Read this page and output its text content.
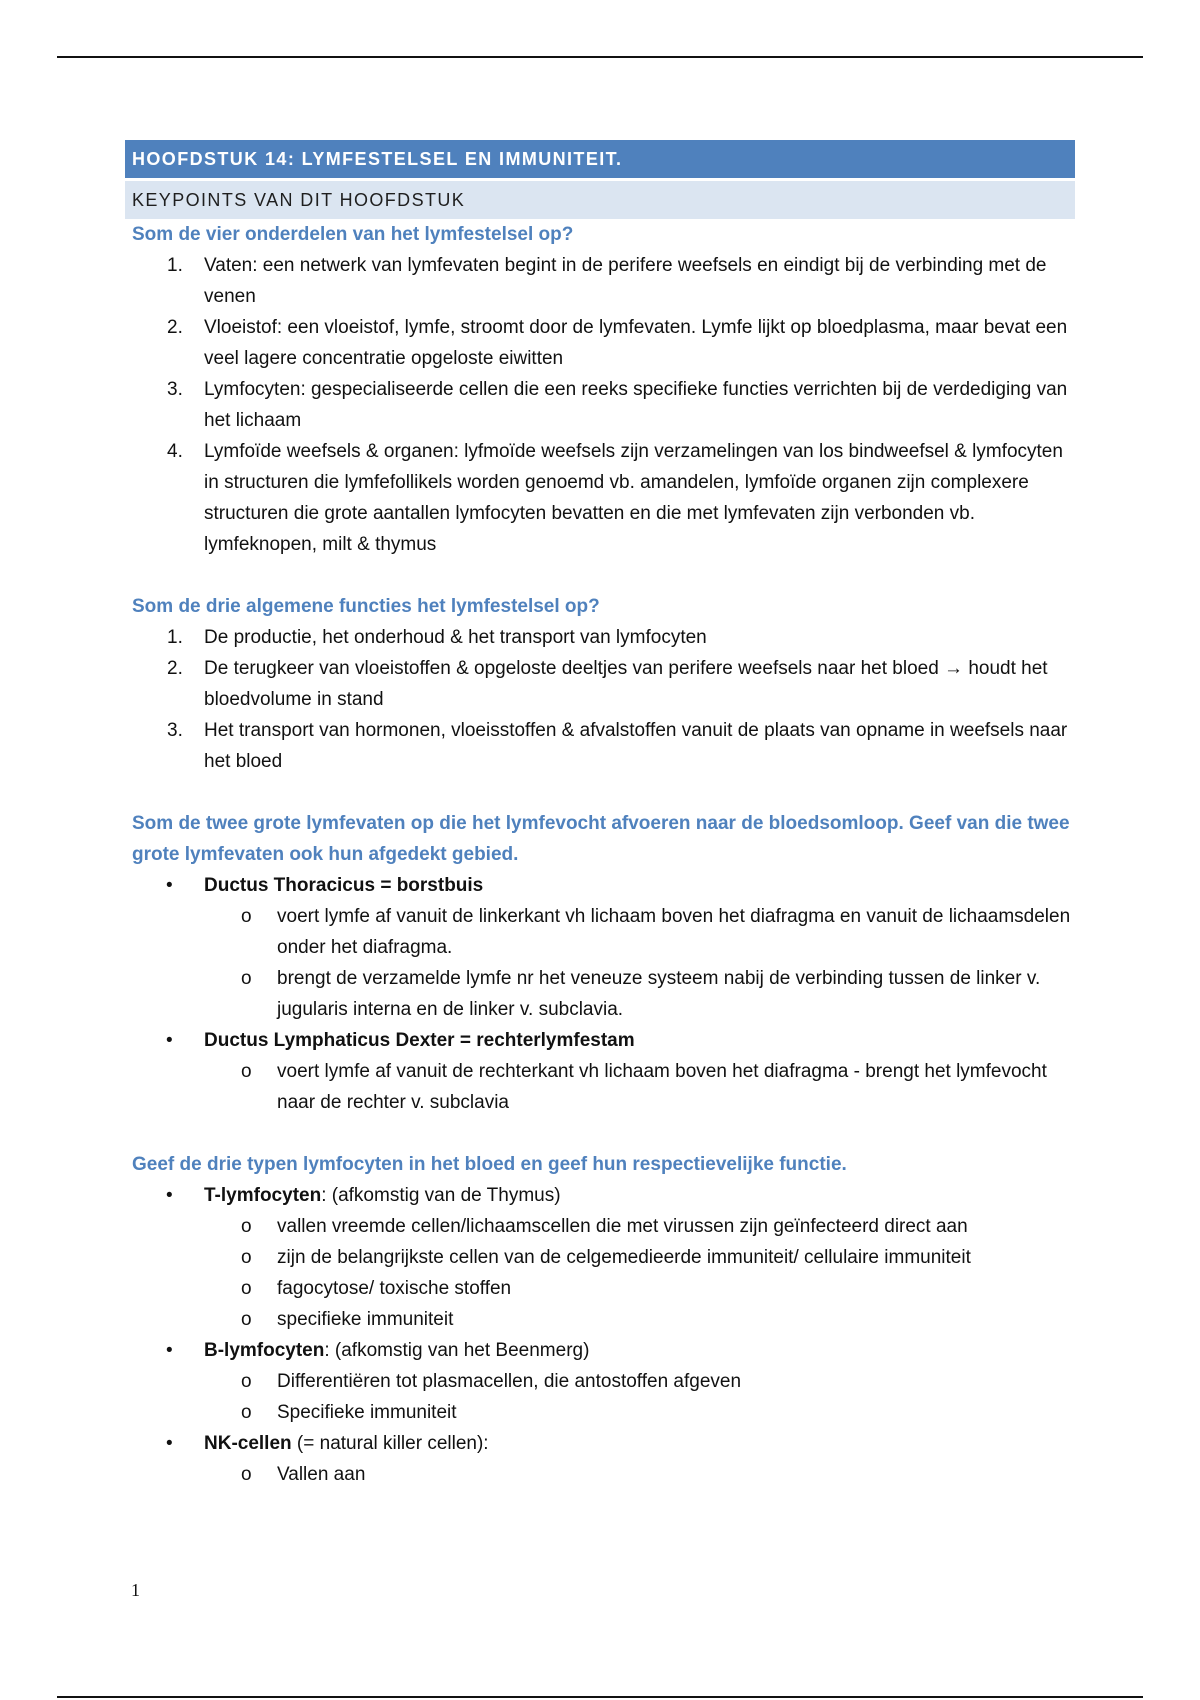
HOOFDSTUK 14: LYMFESTELSEL EN IMMUNITEIT.
KEYPOINTS VAN DIT HOOFDSTUK

Som de vier onderdelen van het lymfestelsel op?

1.	Vaten: een netwerk van lymfevaten begint in de perifere weefsels en eindigt bij de verbinding met de venen
2.	Vloeistof: een vloeistof, lymfe, stroomt door de lymfevaten. Lymfe lijkt op bloedplasma, maar bevat een veel lagere concentratie opgeloste eiwitten
3.	Lymfocyten: gespecialiseerde cellen die een reeks specifieke functies verrichten bij de verdediging van het lichaam
4.	Lymfoïde weefsels & organen: lyfmoïde weefsels zijn verzamelingen van los bindweefsel & lymfocyten in structuren die lymfefollikels worden genoemd vb. amandelen, lymfoïde organen zijn complexere structuren die grote aantallen lymfocyten bevatten en die met lymfevaten zijn verbonden vb. lymfeknopen, milt & thymus

Som de drie algemene functies het lymfestelsel op?

1.	De productie, het onderhoud & het transport van lymfocyten
2.	De terugkeer van vloeistoffen & opgeloste deeltjes van perifere weefsels naar het bloed → houdt het bloedvolume in stand
3.	Het transport van hormonen, vloeisstoffen & afvalstoffen vanuit de plaats van opname in weefsels naar het bloed

Som de twee grote lymfevaten op die het lymfevocht afvoeren naar de bloedsomloop. Geef van die twee grote lymfevaten ook hun afgedekt gebied.

• Ductus Thoracicus = borstbuis
o voert lymfe af vanuit de linkerkant vh lichaam boven het diafragma en vanuit de lichaamsdelen onder het diafragma.
o brengt de verzamelde lymfe nr het veneuze systeem nabij de verbinding tussen de linker v. jugularis interna en de linker v. subclavia.
• Ductus Lymphaticus Dexter = rechterlymfestam
o voert lymfe af vanuit de rechterkant vh lichaam boven het diafragma - brengt het lymfevocht naar de rechter v. subclavia

Geef de drie typen lymfocyten in het bloed en geef hun respectievelijke functie.

• T-lymfocyten: (afkomstig van de Thymus)
o vallen vreemde cellen/lichaamscellen die met virussen zijn geïnfecteerd direct aan
o zijn de belangrijkste cellen van de celgemedieerde immuniteit/ cellulaire immuniteit
o fagocytose/ toxische stoffen
o specifieke immuniteit
• B-lymfocyten: (afkomstig van het Beenmerg)
o Differentiëren tot plasmacellen, die antostoffen afgeven
o Specifieke immuniteit
• NK-cellen (= natural killer cellen):
o Vallen aan
1
